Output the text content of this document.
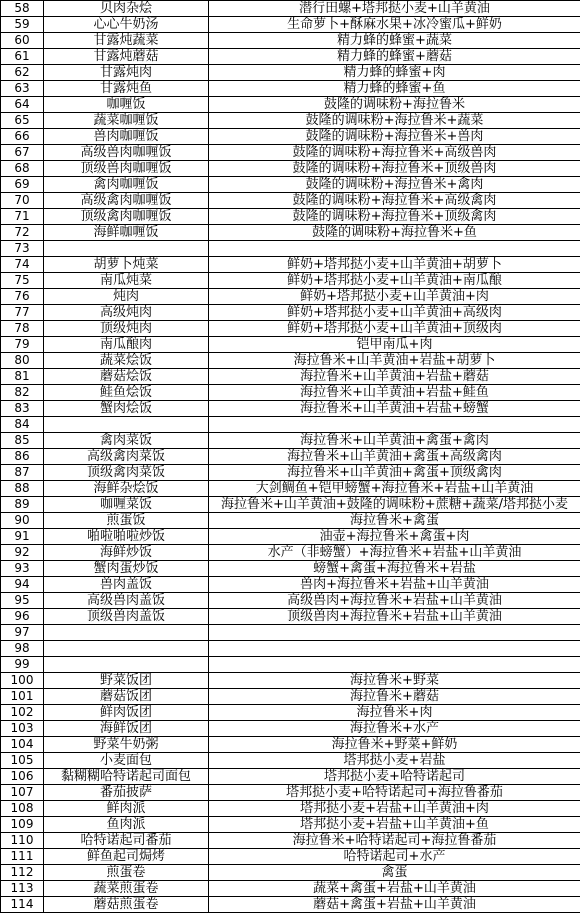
58	贝肉杂烩	潜行田螺+塔邦挞小麦+山羊黄油
59	心心牛奶汤	生命萝卜+酥麻水果+冰冷蜜瓜+鲜奶
60	甘露炖蔬菜	精力蜂的蜂蜜+蔬菜
61	甘露炖蘑菇	精力蜂的蜂蜜+蘑菇
62	甘露炖肉	精力蜂的蜂蜜+肉
63	甘露炖鱼	精力蜂的蜂蜜+鱼
64	咖喱饭	鼓隆的调味粉+海拉鲁米
65	蔬菜咖喱饭	鼓隆的调味粉+海拉鲁米+蔬菜
66	兽肉咖喱饭	鼓隆的调味粉+海拉鲁米+兽肉
67	高级兽肉咖喱饭	鼓隆的调味粉+海拉鲁米+高级兽肉
68	顶级兽肉咖喱饭	鼓隆的调味粉+海拉鲁米+顶级兽肉
69	禽肉咖喱饭	鼓隆的调味粉+海拉鲁米+禽肉
70	高级禽肉咖喱饭	鼓隆的调味粉+海拉鲁米+高级禽肉
71	顶级禽肉咖喱饭	鼓隆的调味粉+海拉鲁米+顶级禽肉
72	海鲜咖喱饭	鼓隆的调味粉+海拉鲁米+鱼
73		
74	胡萝卜炖菜	鲜奶+塔邦挞小麦+山羊黄油+胡萝卜
75	南瓜炖菜	鲜奶+塔邦挞小麦+山羊黄油+南瓜酿
76	炖肉	鲜奶+塔邦挞小麦+山羊黄油+肉
77	高级炖肉	鲜奶+塔邦挞小麦+山羊黄油+高级肉
78	顶级炖肉	鲜奶+塔邦挞小麦+山羊黄油+顶级肉
79	南瓜酿肉	铠甲南瓜+肉
80	蔬菜烩饭	海拉鲁米+山羊黄油+岩盐+胡萝卜
81	蘑菇烩饭	海拉鲁米+山羊黄油+岩盐+蘑菇
82	鲑鱼烩饭	海拉鲁米+山羊黄油+岩盐+鲑鱼
83	蟹肉烩饭	海拉鲁米+山羊黄油+岩盐+螃蟹
84		
85	禽肉菜饭	海拉鲁米+山羊黄油+禽蛋+禽肉
86	高级禽肉菜饭	海拉鲁米+山羊黄油+禽蛋+高级禽肉
87	顶级禽肉菜饭	海拉鲁米+山羊黄油+禽蛋+顶级禽肉
88	海鲜杂烩饭	大剑鲷鱼+铠甲螃蟹+海拉鲁米+岩盐+山羊黄油
89	咖喱菜饭	海拉鲁米+山羊黄油+鼓隆的调味粉+蔗糖+蔬菜/塔邦挞小麦
90	煎蛋饭	海拉鲁米+禽蛋
91	啪啦啪啦炒饭	油壶+海拉鲁米+禽蛋+肉
92	海鲜炒饭	水产（非螃蟹）+海拉鲁米+岩盐+山羊黄油
93	蟹肉蛋炒饭	螃蟹+禽蛋+海拉鲁米+岩盐
94	兽肉盖饭	兽肉+海拉鲁米+岩盐+山羊黄油
95	高级兽肉盖饭	高级兽肉+海拉鲁米+岩盐+山羊黄油
96	顶级兽肉盖饭	顶级兽肉+海拉鲁米+岩盐+山羊黄油
97		
98		
99		
100	野菜饭团	海拉鲁米+野菜
101	蘑菇饭团	海拉鲁米+蘑菇
102	鲜肉饭团	海拉鲁米+肉
103	海鲜饭团	海拉鲁米+水产
104	野菜牛奶粥	海拉鲁米+野菜+鲜奶
105	小麦面包	塔邦挞小麦+岩盐
106	黏糊糊哈特诺起司面包	塔邦挞小麦+哈特诺起司
107	番茄披萨	塔邦挞小麦+哈特诺起司+海拉鲁番茄
108	鲜肉派	塔邦挞小麦+岩盐+山羊黄油+肉
109	鱼肉派	塔邦挞小麦+岩盐+山羊黄油+鱼
110	哈特诺起司番茄	海拉鲁米+哈特诺起司+海拉鲁番茄
111	鲜鱼起司焗烤	哈特诺起司+水产
112	煎蛋卷	禽蛋
113	蔬菜煎蛋卷	蔬菜+禽蛋+岩盐+山羊黄油
114	蘑菇煎蛋卷	蘑菇+禽蛋+岩盐+山羊黄油
